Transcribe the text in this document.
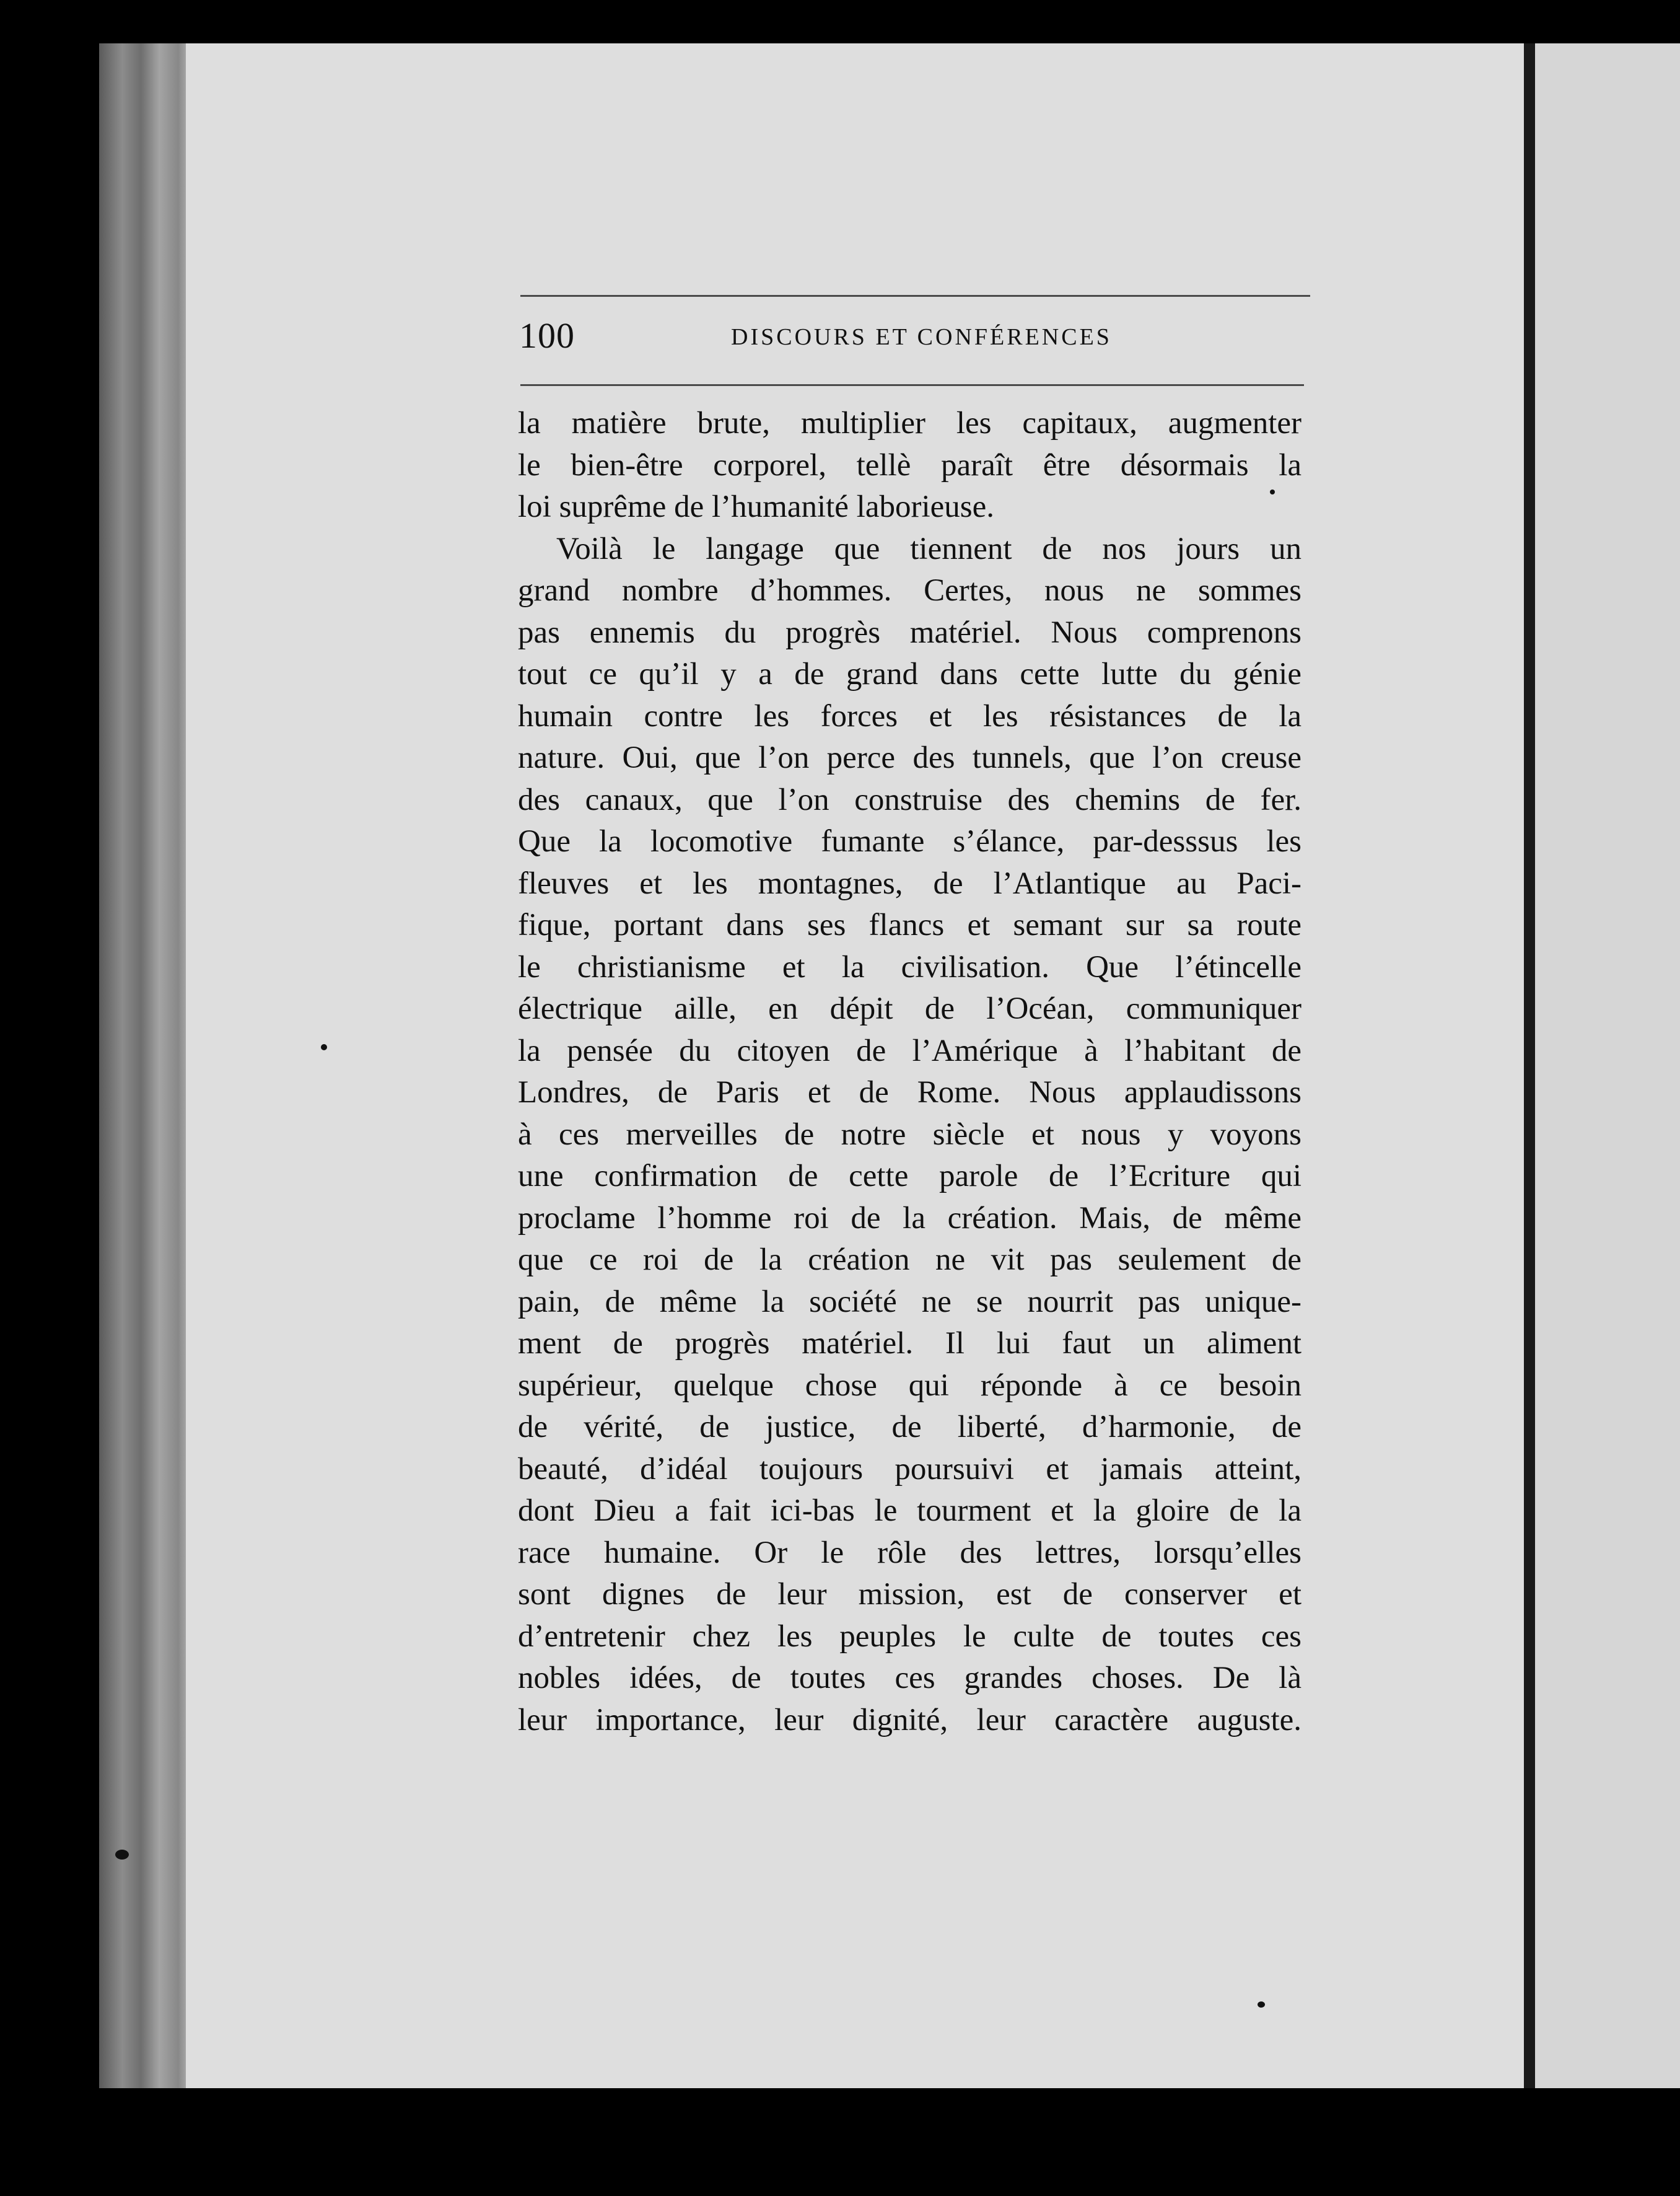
100	DISCOURS ET CONFÉRENCES
la matière brute, multiplier les capitaux, augmenter
le bien-être corporel, tellè paraît être désormais la
loi suprême de l’humanité laborieuse.
Voilà le langage que tiennent de nos jours un
grand nombre d’hommes. Certes, nous ne sommes
pas ennemis du progrès matériel. Nous comprenons
tout ce qu’il y a de grand dans cette lutte du génie
humain contre les forces et les résistances de la
nature. Oui, que l’on perce des tunnels, que l’on creuse
des canaux, que l’on construise des chemins de fer.
Que la locomotive fumante s’élance, par-desssus les
fleuves et les montagnes, de l’Atlantique au Paci-
fique, portant dans ses flancs et semant sur sa route
le christianisme et la civilisation. Que l’étincelle
électrique aille, en dépit de l’Océan, communiquer
la pensée du citoyen de l’Amérique à l’habitant de
Londres, de Paris et de Rome. Nous applaudissons
à ces merveilles de notre siècle et nous y voyons
une confirmation de cette parole de l’Ecriture qui
proclame l’homme roi de la création. Mais, de même
que ce roi de la création ne vit pas seulement de
pain, de même la société ne se nourrit pas unique-
ment de progrès matériel. Il lui faut un aliment
supérieur, quelque chose qui réponde à ce besoin
de vérité, de justice, de liberté, d’harmonie, de
beauté, d’idéal toujours poursuivi et jamais atteint,
dont Dieu a fait ici-bas le tourment et la gloire de la
race humaine. Or le rôle des lettres, lorsqu’elles
sont dignes de leur mission, est de conserver et
d’entretenir chez les peuples le culte de toutes ces
nobles idées, de toutes ces grandes choses. De là
leur importance, leur dignité, leur caractère auguste.
